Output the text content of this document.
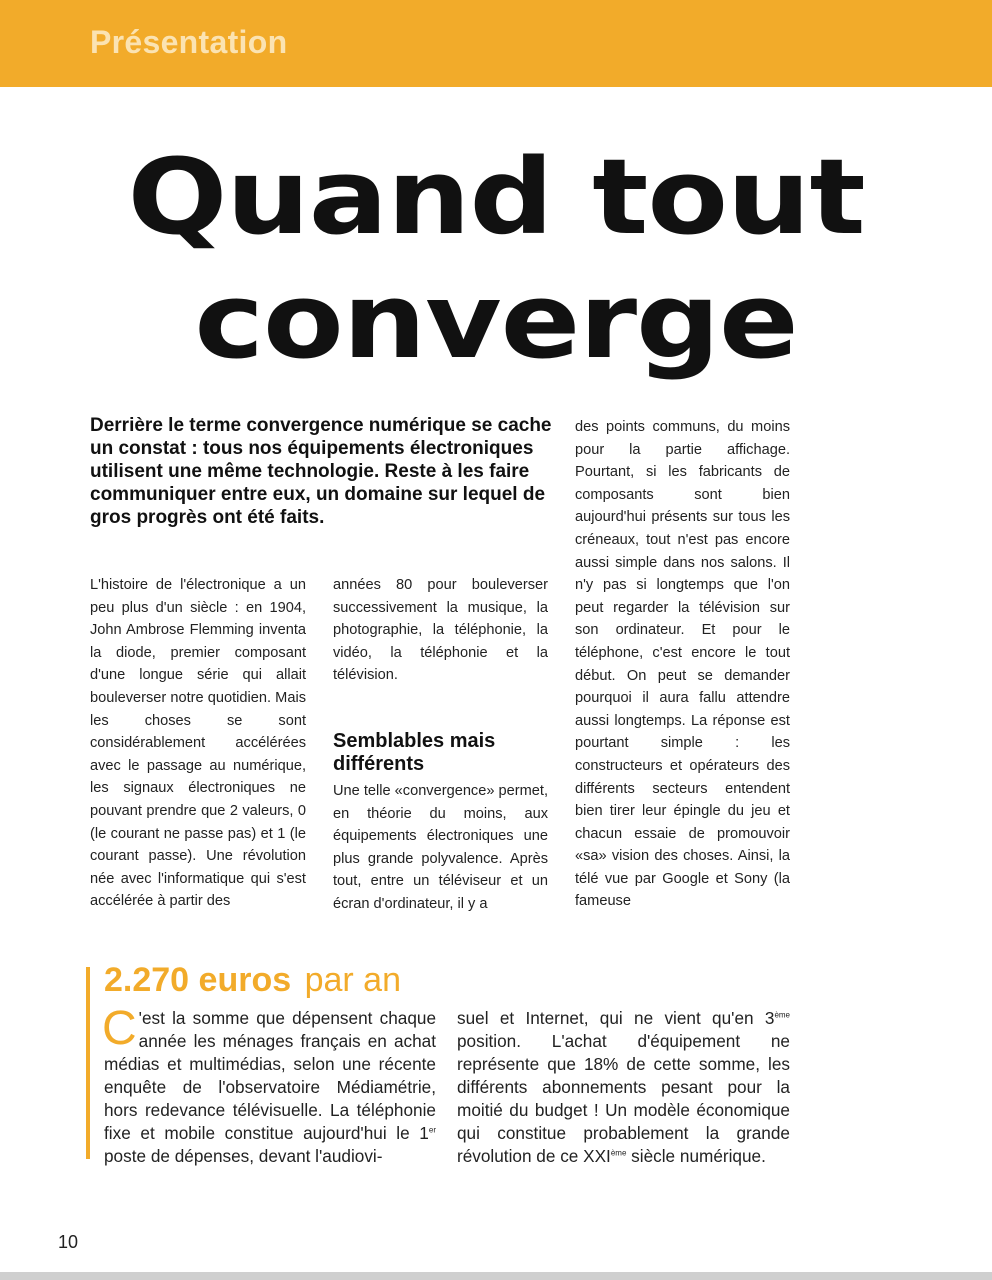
Présentation
Quand tout
converge

Derrière le terme convergence numérique se cache un constat : tous nos équipements électroniques utilisent une même technologie. Reste à les faire communiquer entre eux, un domaine sur lequel de gros progrès ont été faits.

L'histoire de l'électronique a un peu plus d'un siècle : en 1904, John Ambrose Flemming inventa la diode, premier composant d'une longue série qui allait bouleverser notre quotidien. Mais les choses se sont considérablement accélérées avec le passage au numérique, les signaux électroniques ne pouvant prendre que 2 valeurs, 0 (le courant ne passe pas) et 1 (le courant passe). Une révolution née avec l'informatique qui s'est accélérée à partir des

années 80 pour bouleverser successivement la musique, la photographie, la téléphonie, la vidéo, la téléphonie et la télévision.

Semblables mais différents

Une telle «convergence» permet, en théorie du moins, aux équipements électroniques une plus grande polyvalence. Après tout, entre un téléviseur et un écran d'ordinateur, il y a

des points communs, du moins pour la partie affichage. Pourtant, si les fabricants de composants sont bien aujourd'hui présents sur tous les créneaux, tout n'est pas encore aussi simple dans nos salons. Il n'y pas si longtemps que l'on peut regarder la télévision sur son ordinateur. Et pour le téléphone, c'est encore le tout début. On peut se demander pourquoi il aura fallu attendre aussi longtemps. La réponse est pourtant simple : les constructeurs et opérateurs des différents secteurs entendent bien tirer leur épingle du jeu et chacun essaie de promouvoir «sa» vision des choses. Ainsi, la télé vue par Google et Sony (la fameuse

2.270 euros par an

C 'est la somme que dépensent chaque année les ménages français en achat médias et multimédias, selon une récente enquête de l'observatoire Médiamétrie, hors redevance télévisuelle. La téléphonie fixe et mobile constitue aujourd'hui le 1er poste de dépenses, devant l'audiovi-

suel et Internet, qui ne vient qu'en 3ème position. L'achat d'équipement ne représente que 18% de cette somme, les différents abonnements pesant pour la moitié du budget ! Un modèle économique qui constitue probablement la grande révolution de ce XXIème siècle numérique.

10
